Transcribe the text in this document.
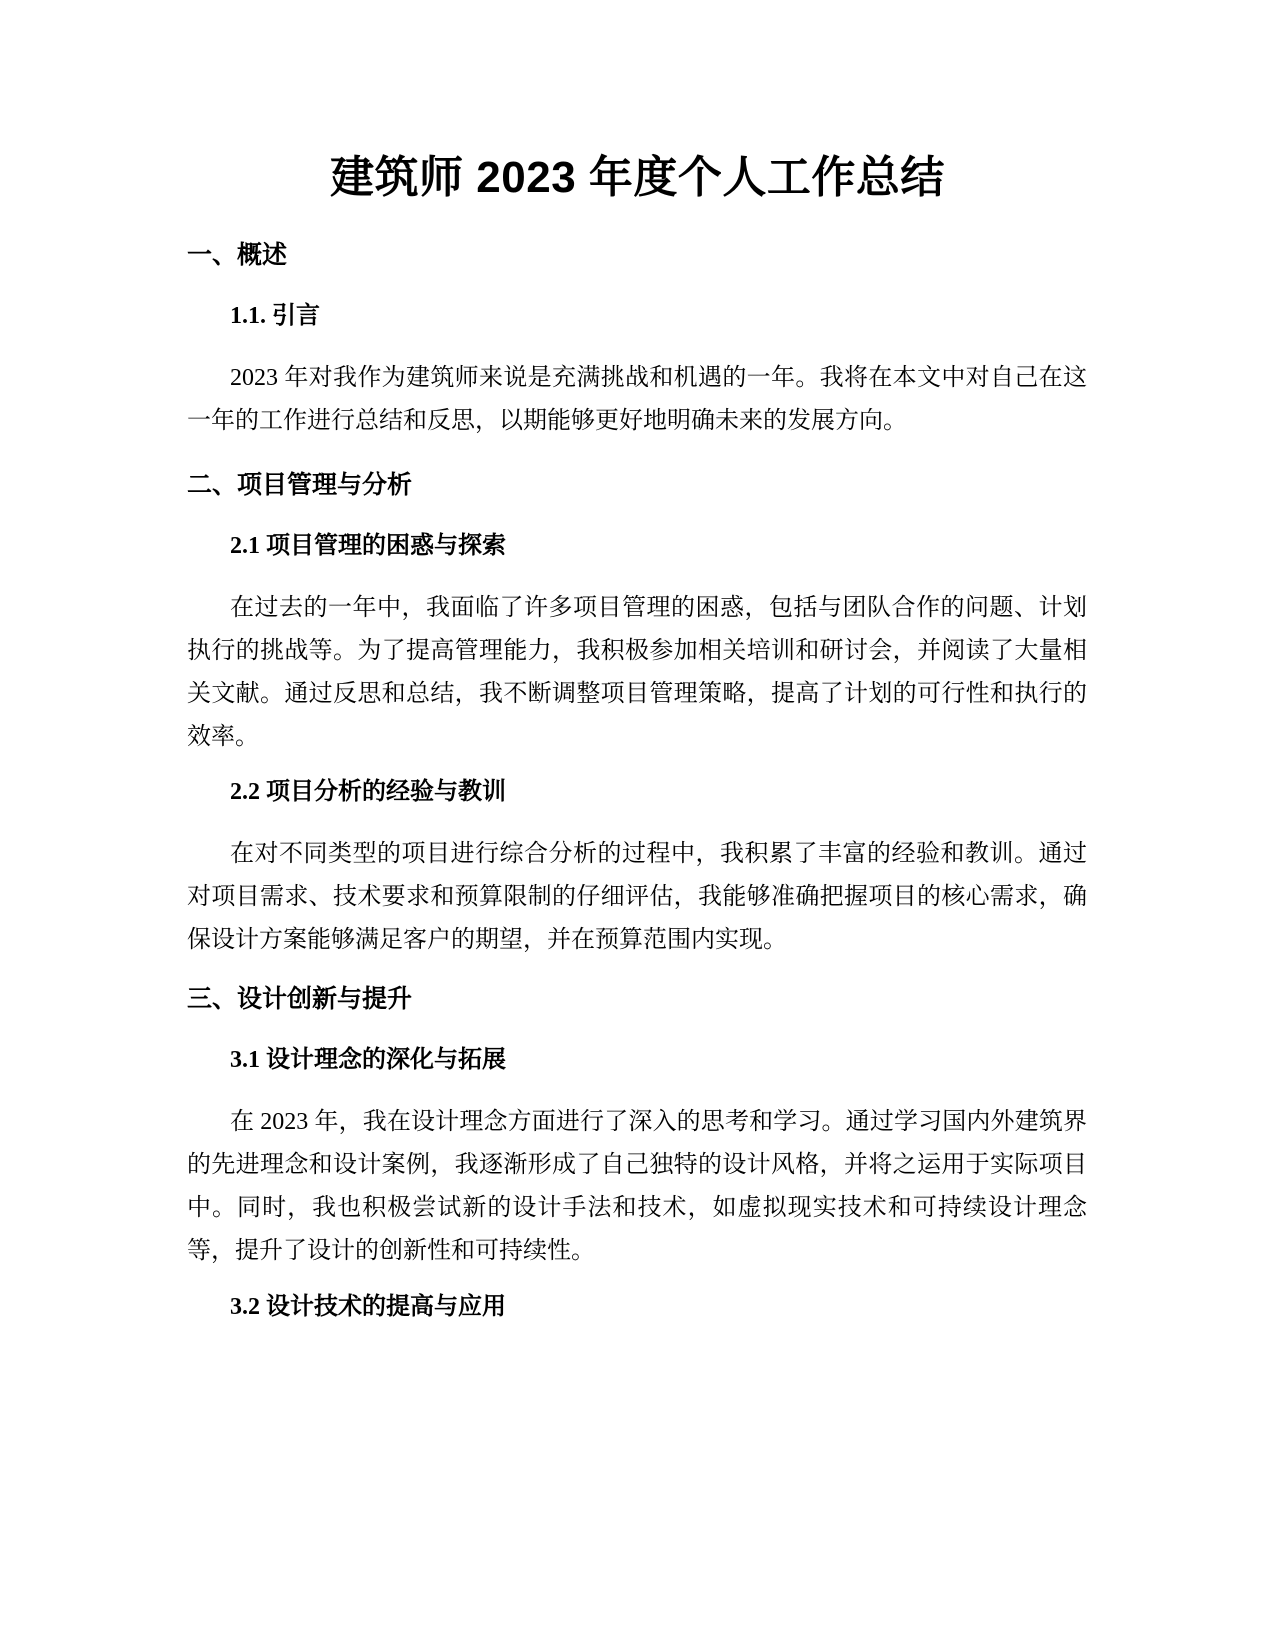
建筑师 2023 年度个人工作总结
一、概述
1.1. 引言

2023 年对我作为建筑师来说是充满挑战和机遇的一年。我将在本文中对自己在这一年的工作进行总结和反思，以期能够更好地明确未来的发展方向。

二、项目管理与分析
2.1 项目管理的困惑与探索

在过去的一年中，我面临了许多项目管理的困惑，包括与团队合作的问题、计划执行的挑战等。为了提高管理能力，我积极参加相关培训和研讨会，并阅读了大量相关文献。通过反思和总结，我不断调整项目管理策略，提高了计划的可行性和执行的效率。

2.2 项目分析的经验与教训

在对不同类型的项目进行综合分析的过程中，我积累了丰富的经验和教训。通过对项目需求、技术要求和预算限制的仔细评估，我能够准确把握项目的核心需求，确保设计方案能够满足客户的期望，并在预算范围内实现。

三、设计创新与提升
3.1 设计理念的深化与拓展

在 2023 年，我在设计理念方面进行了深入的思考和学习。通过学习国内外建筑界的先进理念和设计案例，我逐渐形成了自己独特的设计风格，并将之运用于实际项目中。同时，我也积极尝试新的设计手法和技术，如虚拟现实技术和可持续设计理念等，提升了设计的创新性和可持续性。

3.2 设计技术的提高与应用
